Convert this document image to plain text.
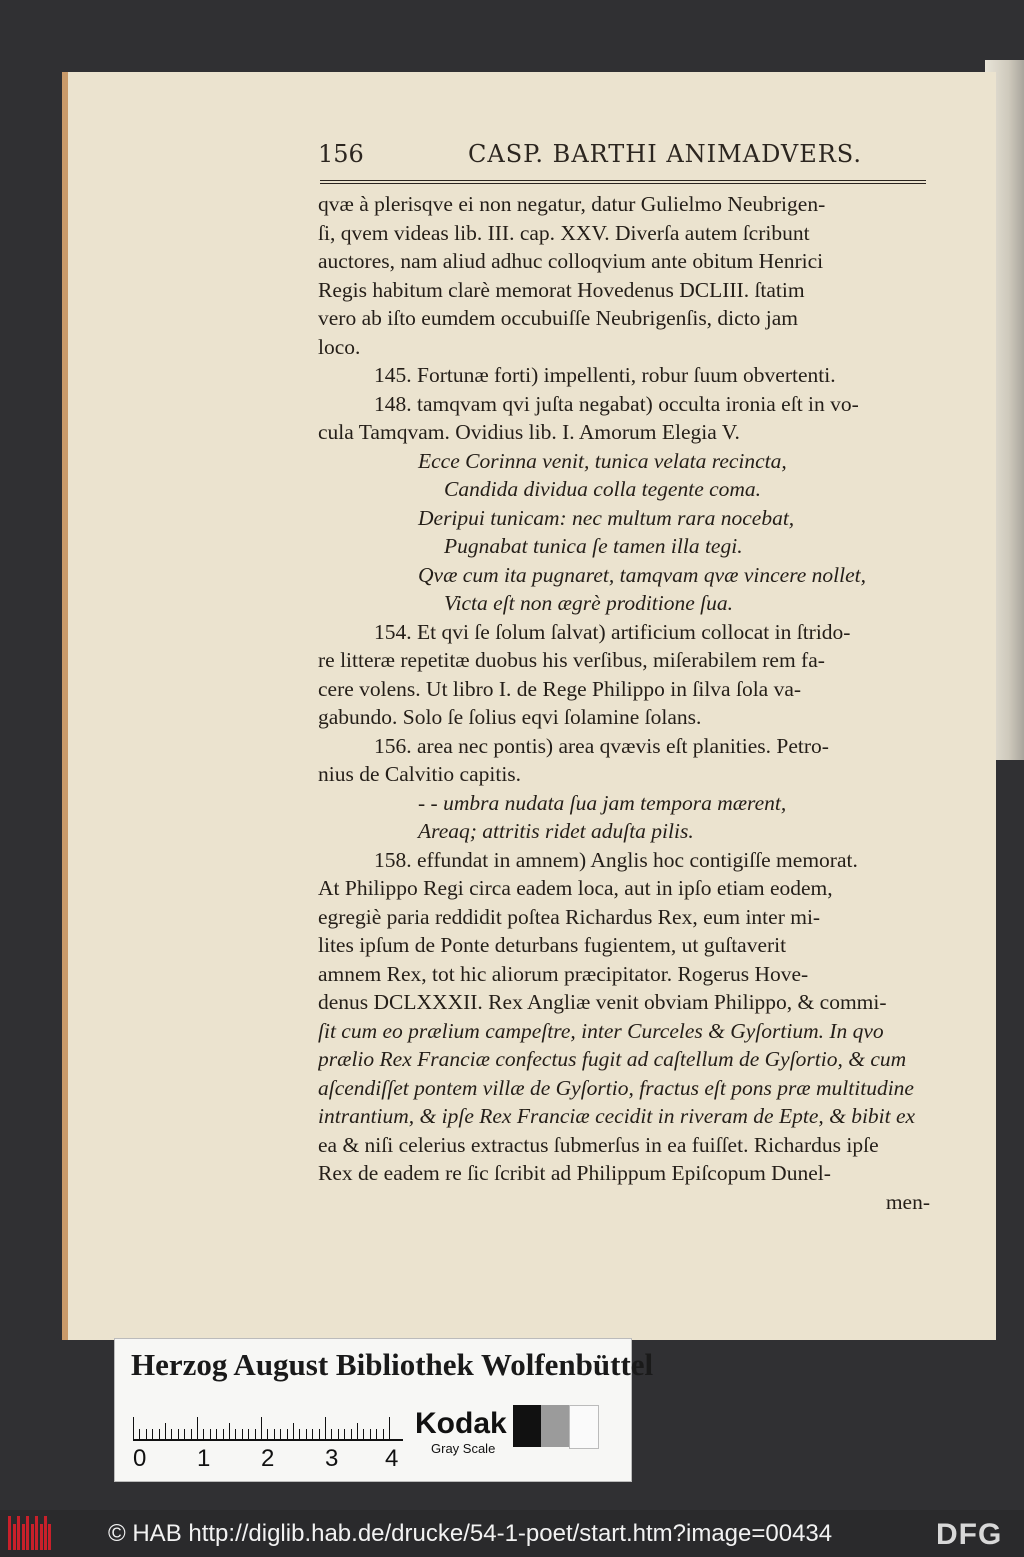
156	CASP. BARTHI ANIMADVERS.
qvæ à plerisqve ei non negatur, datur Gulielmo Neubrigen-
ſi, qvem videas lib. III. cap. XXV. Diverſa autem ſcribunt
auctores, nam aliud adhuc colloqvium ante obitum Henrici
Regis habitum clarè memorat Hovedenus DCLIII. ſtatim
vero ab iſto eumdem occubuiſſe Neubrigenſis, dicto jam
loco.
145. Fortunæ forti) impellenti, robur ſuum obvertenti.
148. tamqvam qvi juſta negabat) occulta ironia eſt in vo-
cula Tamqvam. Ovidius lib. I. Amorum Elegia V.
Ecce Corinna venit, tunica velata recincta,
Candida dividua colla tegente coma.
Deripui tunicam: nec multum rara nocebat,
Pugnabat tunica ſe tamen illa tegi.
Qvæ cum ita pugnaret, tamqvam qvæ vincere nollet,
Victa eſt non ægrè proditione ſua.
154. Et qvi ſe ſolum ſalvat) artificium collocat in ſtrido-
re litteræ repetitæ duobus his verſibus, miſerabilem rem fa-
cere volens. Ut libro I. de Rege Philippo in ſilva ſola va-
gabundo. Solo ſe ſolius eqvi ſolamine ſolans.
156. area nec pontis) area qvævis eſt planities. Petro-
nius de Calvitio capitis.
- - umbra nudata ſua jam tempora mærent,
Areaq; attritis ridet aduſta pilis.
158. effundat in amnem) Anglis hoc contigiſſe memorat.
At Philippo Regi circa eadem loca, aut in ipſo etiam eodem,
egregiè paria reddidit poſtea Richardus Rex, eum inter mi-
lites ipſum de Ponte deturbans fugientem, ut guſtaverit
amnem Rex, tot hic aliorum præcipitator. Rogerus Hove-
denus DCLXXXII. Rex Angliæ venit obviam Philippo, & commi-
ſit cum eo prælium campeſtre, inter Curceles & Gyſortium. In qvo
prælio Rex Franciæ confectus fugit ad caſtellum de Gyſortio, & cum
aſcendiſſet pontem villæ de Gyſortio, fractus eſt pons præ multitudine
intrantium, & ipſe Rex Franciæ cecidit in riveram de Epte, & bibit ex
ea & niſi celerius extractus ſubmerſus in ea fuiſſet. Richardus ipſe
Rex de eadem re ſic ſcribit ad Philippum Epiſcopum Dunel-
men-
Herzog August Bibliothek Wolfenbüttel
0 1 2 3 4
Kodak
Gray Scale
© HAB http://diglib.hab.de/drucke/54-1-poet/start.htm?image=00434	DFG
